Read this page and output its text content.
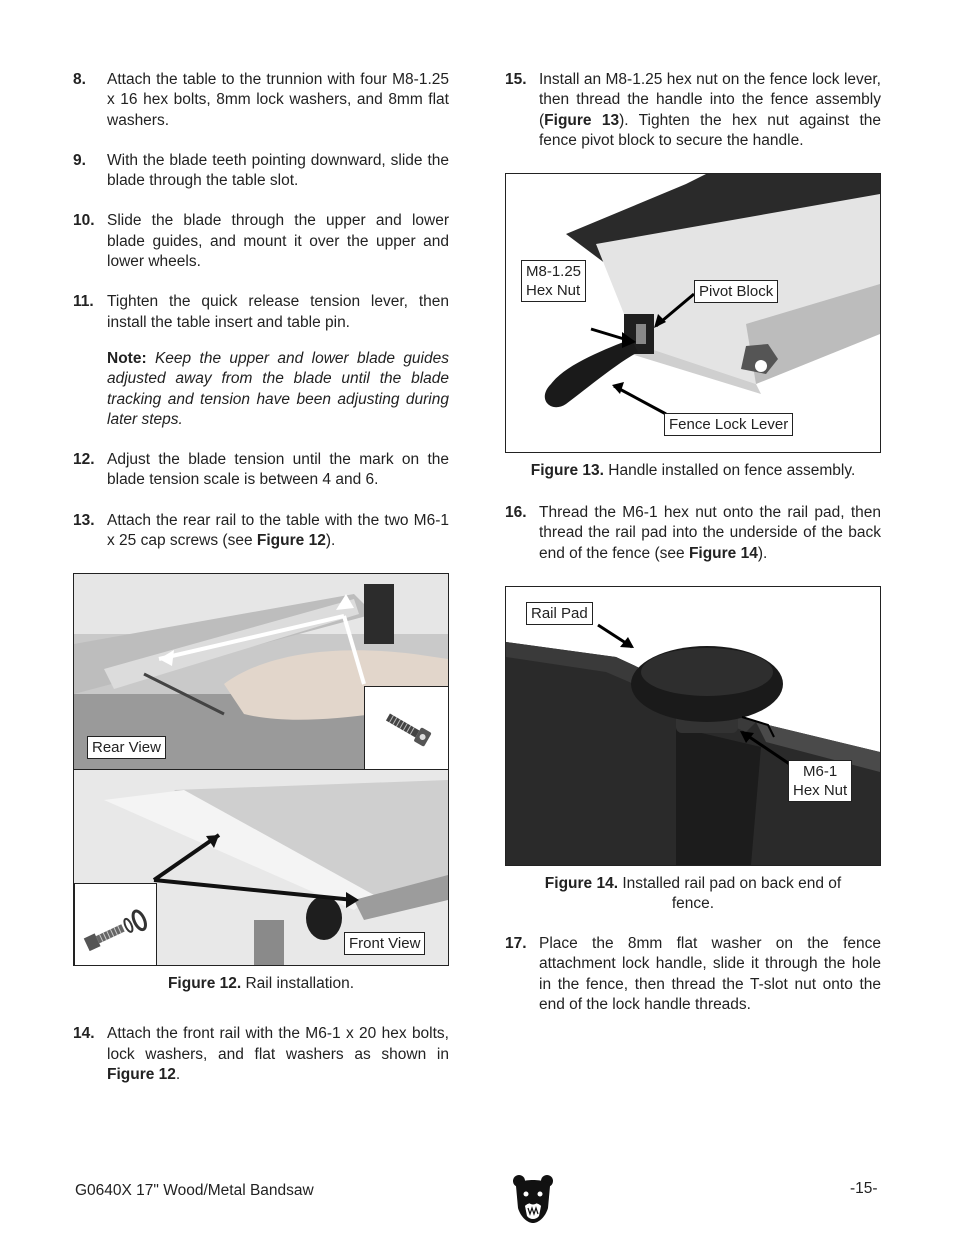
8. Attach the table to the trunnion with four M8-1.25 x 16 hex bolts, 8mm lock washers, and 8mm flat washers.
9. With the blade teeth pointing downward, slide the blade through the table slot.
10. Slide the blade through the upper and lower blade guides, and mount it over the upper and lower wheels.
11. Tighten the quick release tension lever, then install the table insert and table pin.
Note: Keep the upper and lower blade guides adjusted away from the blade until the blade tracking and tension have been adjusting during later steps.
12. Adjust the blade tension until the mark on the blade tension scale is between 4 and 6.
13. Attach the rear rail to the table with the two M6-1 x 25 cap screws (see Figure 12).
Rear View
Front View
Figure 12. Rail installation.
14. Attach the front rail with the M6-1 x 20 hex bolts, lock washers, and flat washers as shown in Figure 12.
15. Install an M8-1.25 hex nut on the fence lock lever, then thread the handle into the fence assembly (Figure 13). Tighten the hex nut against the fence pivot block to secure the handle.
M8-1.25
Hex Nut	Pivot Block
Fence Lock Lever
Figure 13. Handle installed on fence assembly.
16. Thread the M6-1 hex nut onto the rail pad, then thread the rail pad into the underside of the back end of the fence (see Figure 14).
Rail Pad
M6-1
Hex Nut
Figure 14. Installed rail pad on back end of fence.
17. Place the 8mm flat washer on the fence attachment lock handle, slide it through the hole in the fence, then thread the T-slot nut onto the end of the lock handle threads.
G0640X 17" Wood/Metal Bandsaw	-15-
